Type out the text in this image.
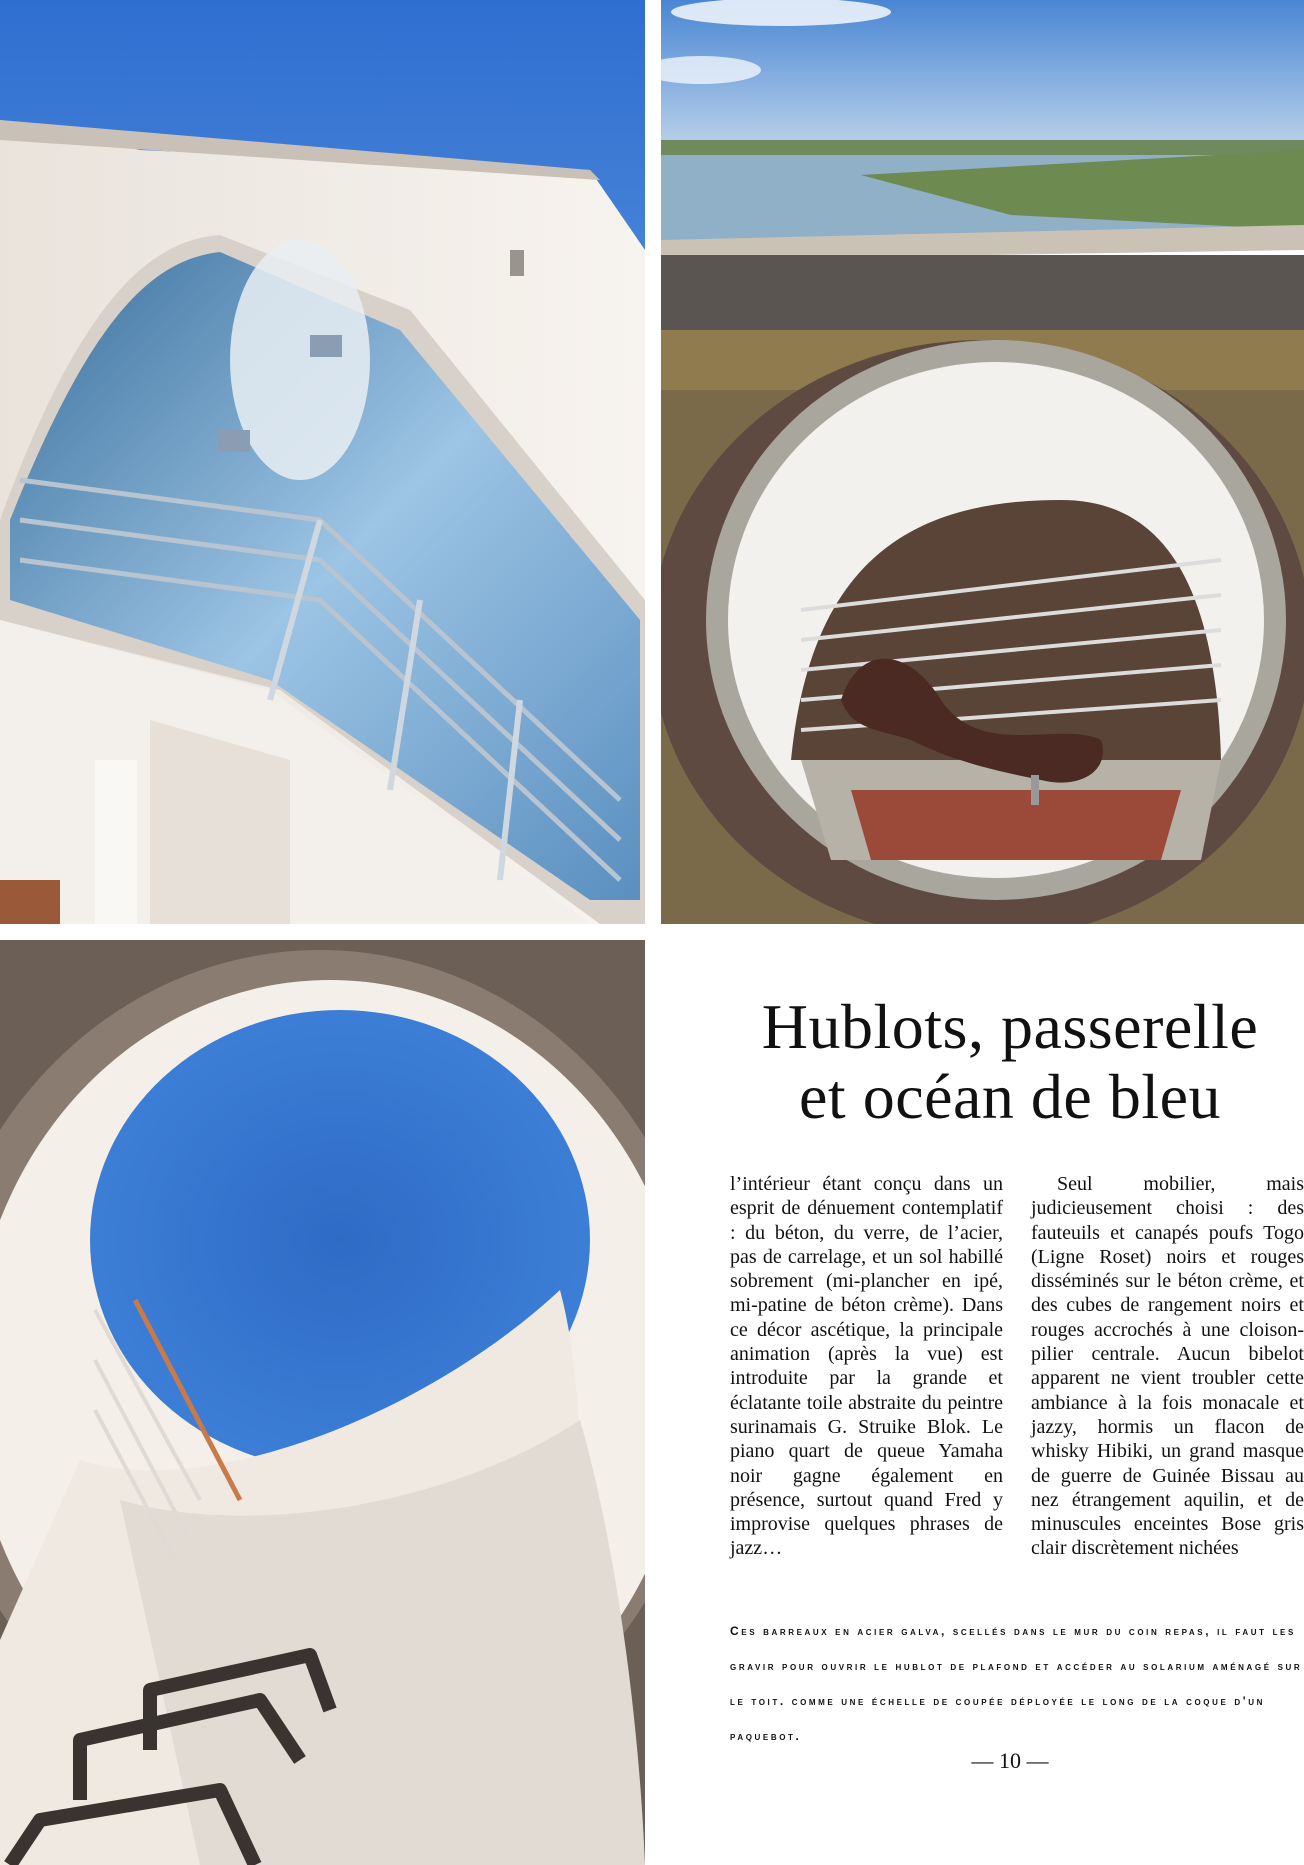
Hublots, passerelle
et océan de bleu

l’intérieur étant conçu dans un esprit de dénuement contemplatif : du béton, du verre, de l’acier, pas de carrelage, et un sol habillé sobrement (mi-plancher en ipé, mi-patine de béton crème). Dans ce décor ascétique, la principale animation (après la vue) est introduite par la grande et éclatante toile abstraite du peintre surinamais G. Struike Blok. Le piano quart de queue Yamaha noir gagne également en présence, surtout quand Fred y improvise quelques phrases de jazz…

Seul mobilier, mais judicieusement choisi : des fauteuils et canapés poufs Togo (Ligne Roset) noirs et rouges disséminés sur le béton crème, et des cubes de rangement noirs et rouges accrochés à une cloison-pilier centrale. Aucun bibelot apparent ne vient troubler cette ambiance à la fois monacale et jazzy, hormis un flacon de whisky Hibiki, un grand masque de guerre de Guinée Bissau au nez étrangement aquilin, et de minuscules enceintes Bose gris clair discrètement nichées

Ces barreaux en acier galva, scellés dans le mur du coin repas, il faut les gravir pour ouvrir le hublot de plafond et accéder au solarium aménagé sur le toit. comme une échelle de coupée déployée le long de la coque d'un paquebot.

— 10 —
